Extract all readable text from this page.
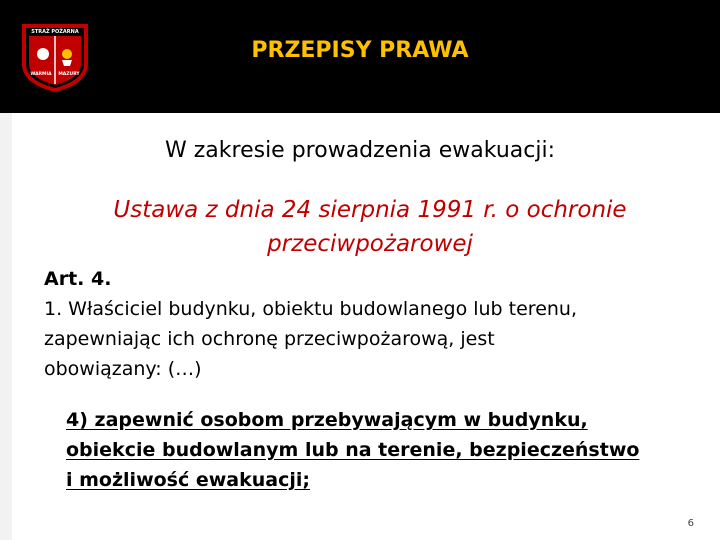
STRAŻ POŻARNA
WARMIA MAZURY
PRZEPISY PRAWA
W zakresie prowadzenia ewakuacji:
Ustawa z dnia 24 sierpnia 1991 r. o ochronie
przeciwpożarowej
Art. 4.
1. Właściciel budynku, obiektu budowlanego lub terenu,
zapewniając ich ochronę przeciwpożarową, jest
obowiązany: (…)
4) zapewnić osobom przebywającym w budynku,
obiekcie budowlanym lub na terenie, bezpieczeństwo
i możliwość ewakuacji;
6
